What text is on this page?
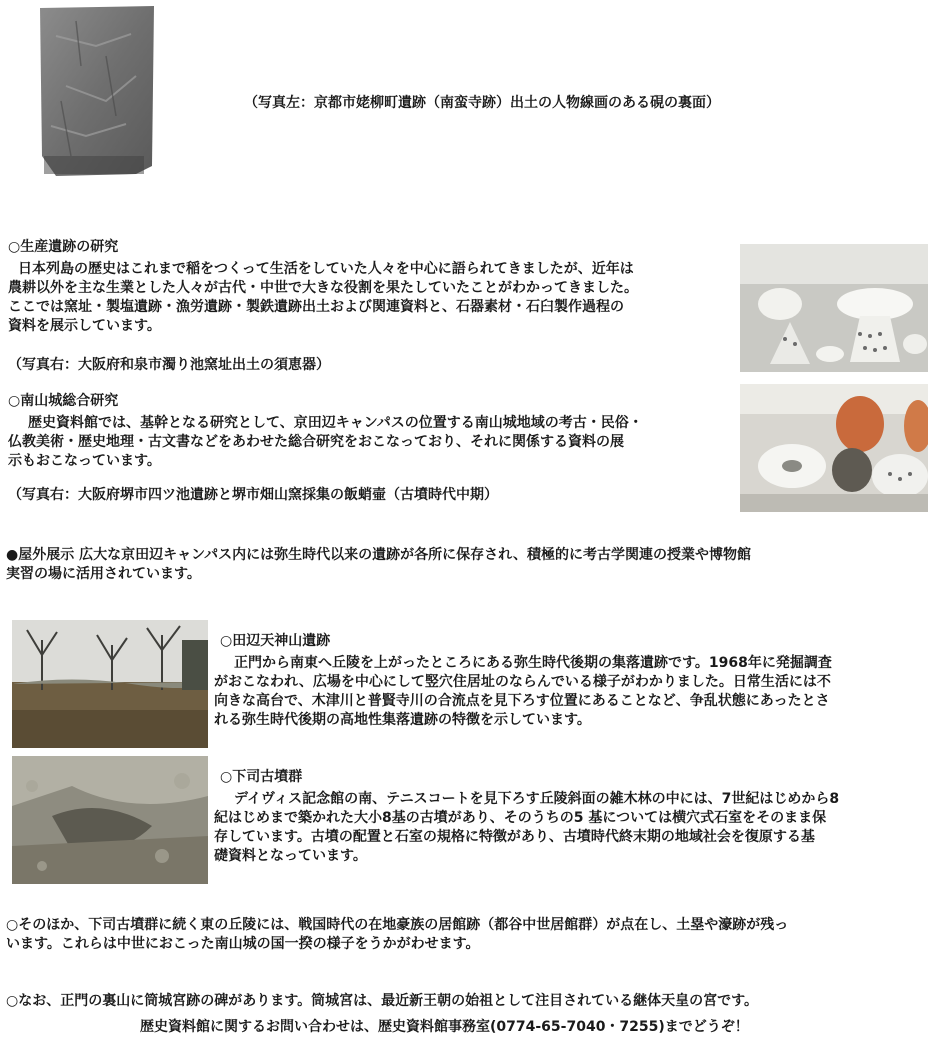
（写真左：京都市姥柳町遺跡（南蛮寺跡）出土の人物線画のある硯の裏面）
○生産遺跡の研究
日本列島の歴史はこれまで稲をつくって生活をしていた人々を中心に語られてきましたが、近年は
農耕以外を主な生業とした人々が古代・中世で大きな役割を果たしていたことがわかってきました。
ここでは窯址・製塩遺跡・漁労遺跡・製鉄遺跡出土および関連資料と、石器素材・石臼製作過程の
資料を展示しています。
（写真右：大阪府和泉市濁り池窯址出土の須恵器）
○南山城総合研究
歴史資料館では、基幹となる研究として、京田辺キャンパスの位置する南山城地域の考古・民俗・
仏教美術・歴史地理・古文書などをあわせた総合研究をおこなっており、それに関係する資料の展
示もおこなっています。
（写真右：大阪府堺市四ツ池遺跡と堺市畑山窯採集の飯蛸壷（古墳時代中期）
●屋外展示 広大な京田辺キャンパス内には弥生時代以来の遺跡が各所に保存され、積極的に考古学関連の授業や博物館
実習の場に活用されています。
○田辺天神山遺跡
正門から南東へ丘陵を上がったところにある弥生時代後期の集落遺跡です。1968年に発掘調査
がおこなわれ、広場を中心にして竪穴住居址のならんでいる様子がわかりました。日常生活には不
向きな高台で、木津川と普賢寺川の合流点を見下ろす位置にあることなど、争乱状態にあったとさ
れる弥生時代後期の高地性集落遺跡の特徴を示しています。
○下司古墳群
デイヴィス記念館の南、テニスコートを見下ろす丘陵斜面の雑木林の中には、7世紀はじめから8
紀はじめまで築かれた大小8基の古墳があり、そのうちの5 基については横穴式石室をそのまま保
存しています。古墳の配置と石室の規格に特徴があり、古墳時代終末期の地域社会を復原する基
礎資料となっています。
○そのほか、下司古墳群に続く東の丘陵には、戦国時代の在地豪族の居館跡（都谷中世居館群）が点在し、土塁や濠跡が残っ
います。これらは中世におこった南山城の国一揆の様子をうかがわせます。
○なお、正門の裏山に筒城宮跡の碑があります。筒城宮は、最近新王朝の始祖として注目されている継体天皇の宮です。
歴史資料館に関するお問い合わせは、歴史資料館事務室(0774-65-7040・7255)までどうぞ！
